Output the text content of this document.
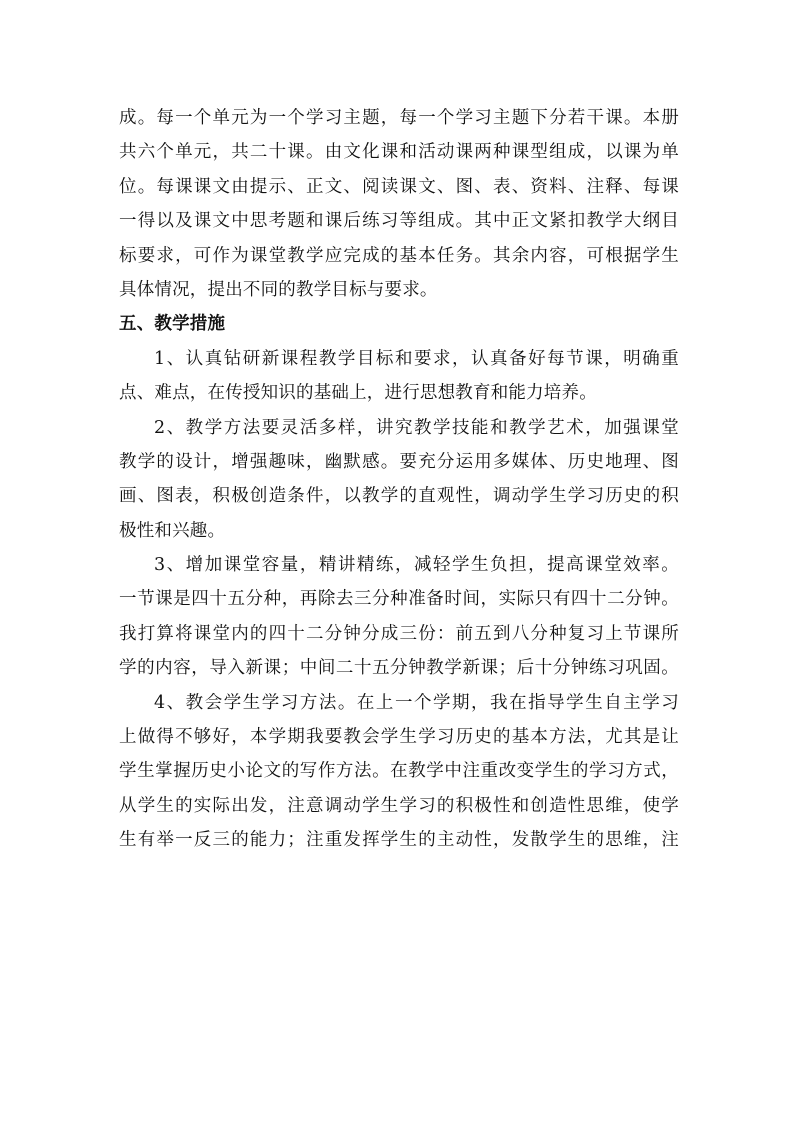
成。每一个单元为一个学习主题，每一个学习主题下分若干课。本册
共六个单元，共二十课。由文化课和活动课两种课型组成，以课为单
位。每课课文由提示、正文、阅读课文、图、表、资料、注释、每课
一得以及课文中思考题和课后练习等组成。其中正文紧扣教学大纲目
标要求，可作为课堂教学应完成的基本任务。其余内容，可根据学生
具体情况，提出不同的教学目标与要求。
五、教学措施
1、认真钻研新课程教学目标和要求，认真备好每节课，明确重
点、难点，在传授知识的基础上，进行思想教育和能力培养。
2、教学方法要灵活多样，讲究教学技能和教学艺术，加强课堂
教学的设计，增强趣味，幽默感。要充分运用多媒体、历史地理、图
画、图表，积极创造条件，以教学的直观性，调动学生学习历史的积
极性和兴趣。
3、增加课堂容量，精讲精练，减轻学生负担，提高课堂效率。
一节课是四十五分种，再除去三分种准备时间，实际只有四十二分钟。
我打算将课堂内的四十二分钟分成三份：前五到八分种复习上节课所
学的内容，导入新课；中间二十五分钟教学新课；后十分钟练习巩固。
4、教会学生学习方法。在上一个学期，我在指导学生自主学习
上做得不够好，本学期我要教会学生学习历史的基本方法，尤其是让
学生掌握历史小论文的写作方法。在教学中注重改变学生的学习方式，
从学生的实际出发，注意调动学生学习的积极性和创造性思维，使学
生有举一反三的能力；注重发挥学生的主动性，发散学生的思维，注
